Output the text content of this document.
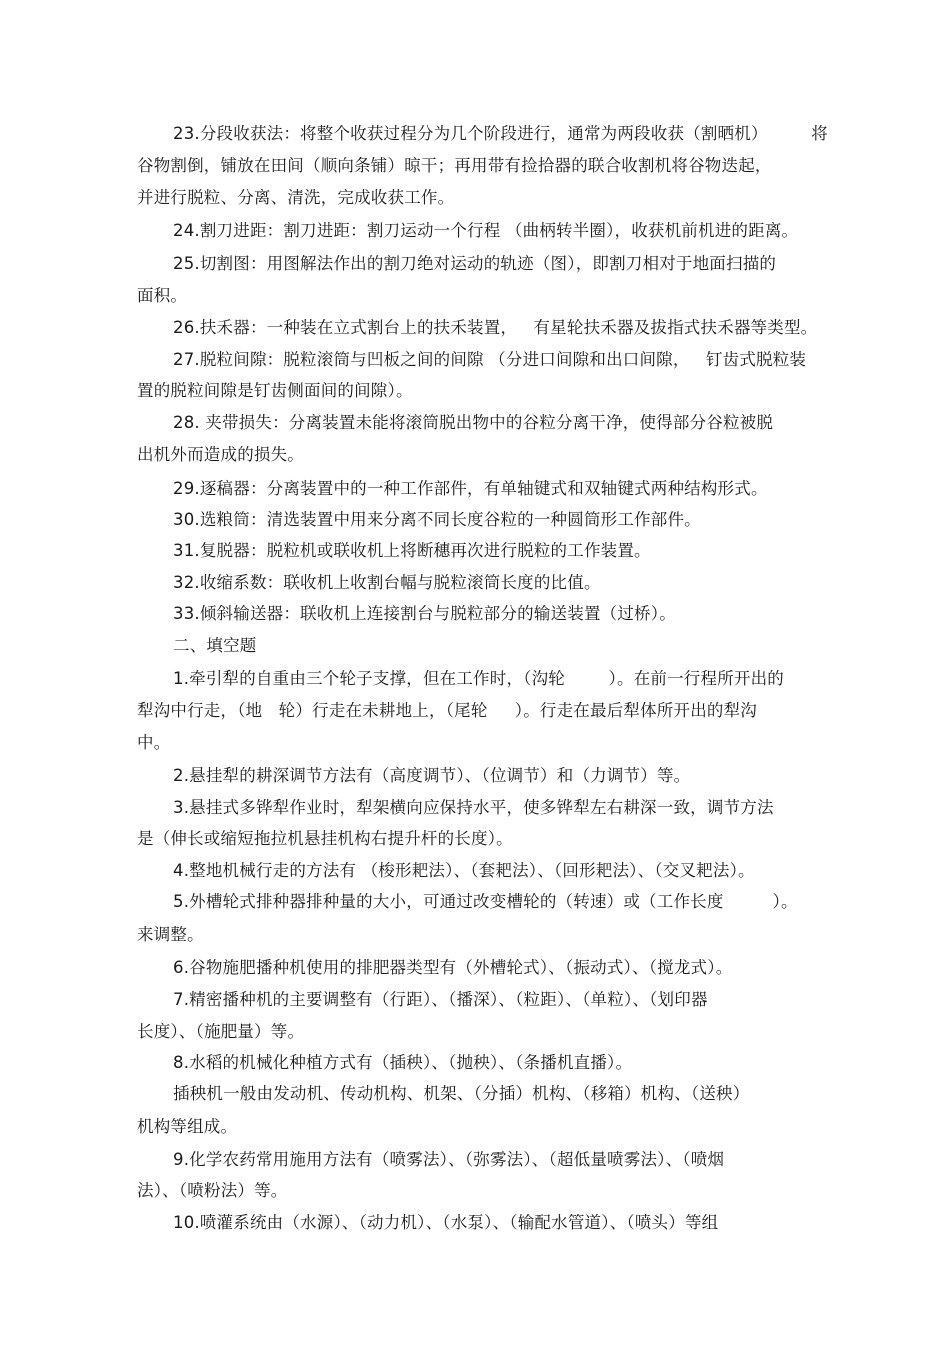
23.分段收获法：将整个收获过程分为几个阶段进行，通常为两段收获（割晒机）        将
谷物割倒，铺放在田间（顺向条铺）晾干；再用带有捡拾器的联合收割机将谷物迭起，
并进行脱粒、分离、清洗，完成收获工作。
24.割刀进距：割刀进距：割刀运动一个行程 （曲柄转半圈），收获机前机进的距离。
25.切割图：用图解法作出的割刀绝对运动的轨迹（图），即割刀相对于地面扫描的
面积。
26.扶禾器：一种装在立式割台上的扶禾装置，   有星轮扶禾器及拔指式扶禾器等类型。
27.脱粒间隙：脱粒滚筒与凹板之间的间隙 （分进口间隙和出口间隙，   钉齿式脱粒装
置的脱粒间隙是钉齿侧面间的间隙）。
28. 夹带损失：分离装置未能将滚筒脱出物中的谷粒分离干净，使得部分谷粒被脱
出机外而造成的损失。
29.逐稿器：分离装置中的一种工作部件，有单轴键式和双轴键式两种结构形式。
30.选粮筒：清选装置中用来分离不同长度谷粒的一种圆筒形工作部件。
31.复脱器：脱粒机或联收机上将断穗再次进行脱粒的工作装置。
32.收缩系数：联收机上收割台幅与脱粒滚筒长度的比值。
33.倾斜输送器：联收机上连接割台与脱粒部分的输送装置（过桥）。
二、填空题
1.牵引犁的自重由三个轮子支撑，但在工作时，（沟轮        ）。在前一行程所开出的
犁沟中行走，（地   轮）行走在未耕地上，（尾轮     ）。行走在最后犁体所开出的犁沟
中。
2.悬挂犁的耕深调节方法有（高度调节）、（位调节）和（力调节）等。
3.悬挂式多铧犁作业时，犁架横向应保持水平，使多铧犁左右耕深一致，调节方法
是（伸长或缩短拖拉机悬挂机构右提升杆的长度）。
4.整地机械行走的方法有 （梭形耙法）、（套耙法）、（回形耙法）、（交叉耙法）。
5.外槽轮式排种器排种量的大小，可通过改变槽轮的（转速）或（工作长度         ）。
来调整。
6.谷物施肥播种机使用的排肥器类型有（外槽轮式）、（振动式）、（搅龙式）。
7.精密播种机的主要调整有（行距）、（播深）、（粒距）、（单粒）、（划印器
长度）、（施肥量）等。
8.水稻的机械化种植方式有（插秧）、（抛秧）、（条播机直播）。
插秧机一般由发动机、传动机构、机架、（分插）机构、（移箱）机构、（送秧）
机构等组成。
9.化学农药常用施用方法有（喷雾法）、（弥雾法）、（超低量喷雾法）、（喷烟
法）、（喷粉法）等。
10.喷灌系统由（水源）、（动力机）、（水泵）、（输配水管道）、（喷头）等组
